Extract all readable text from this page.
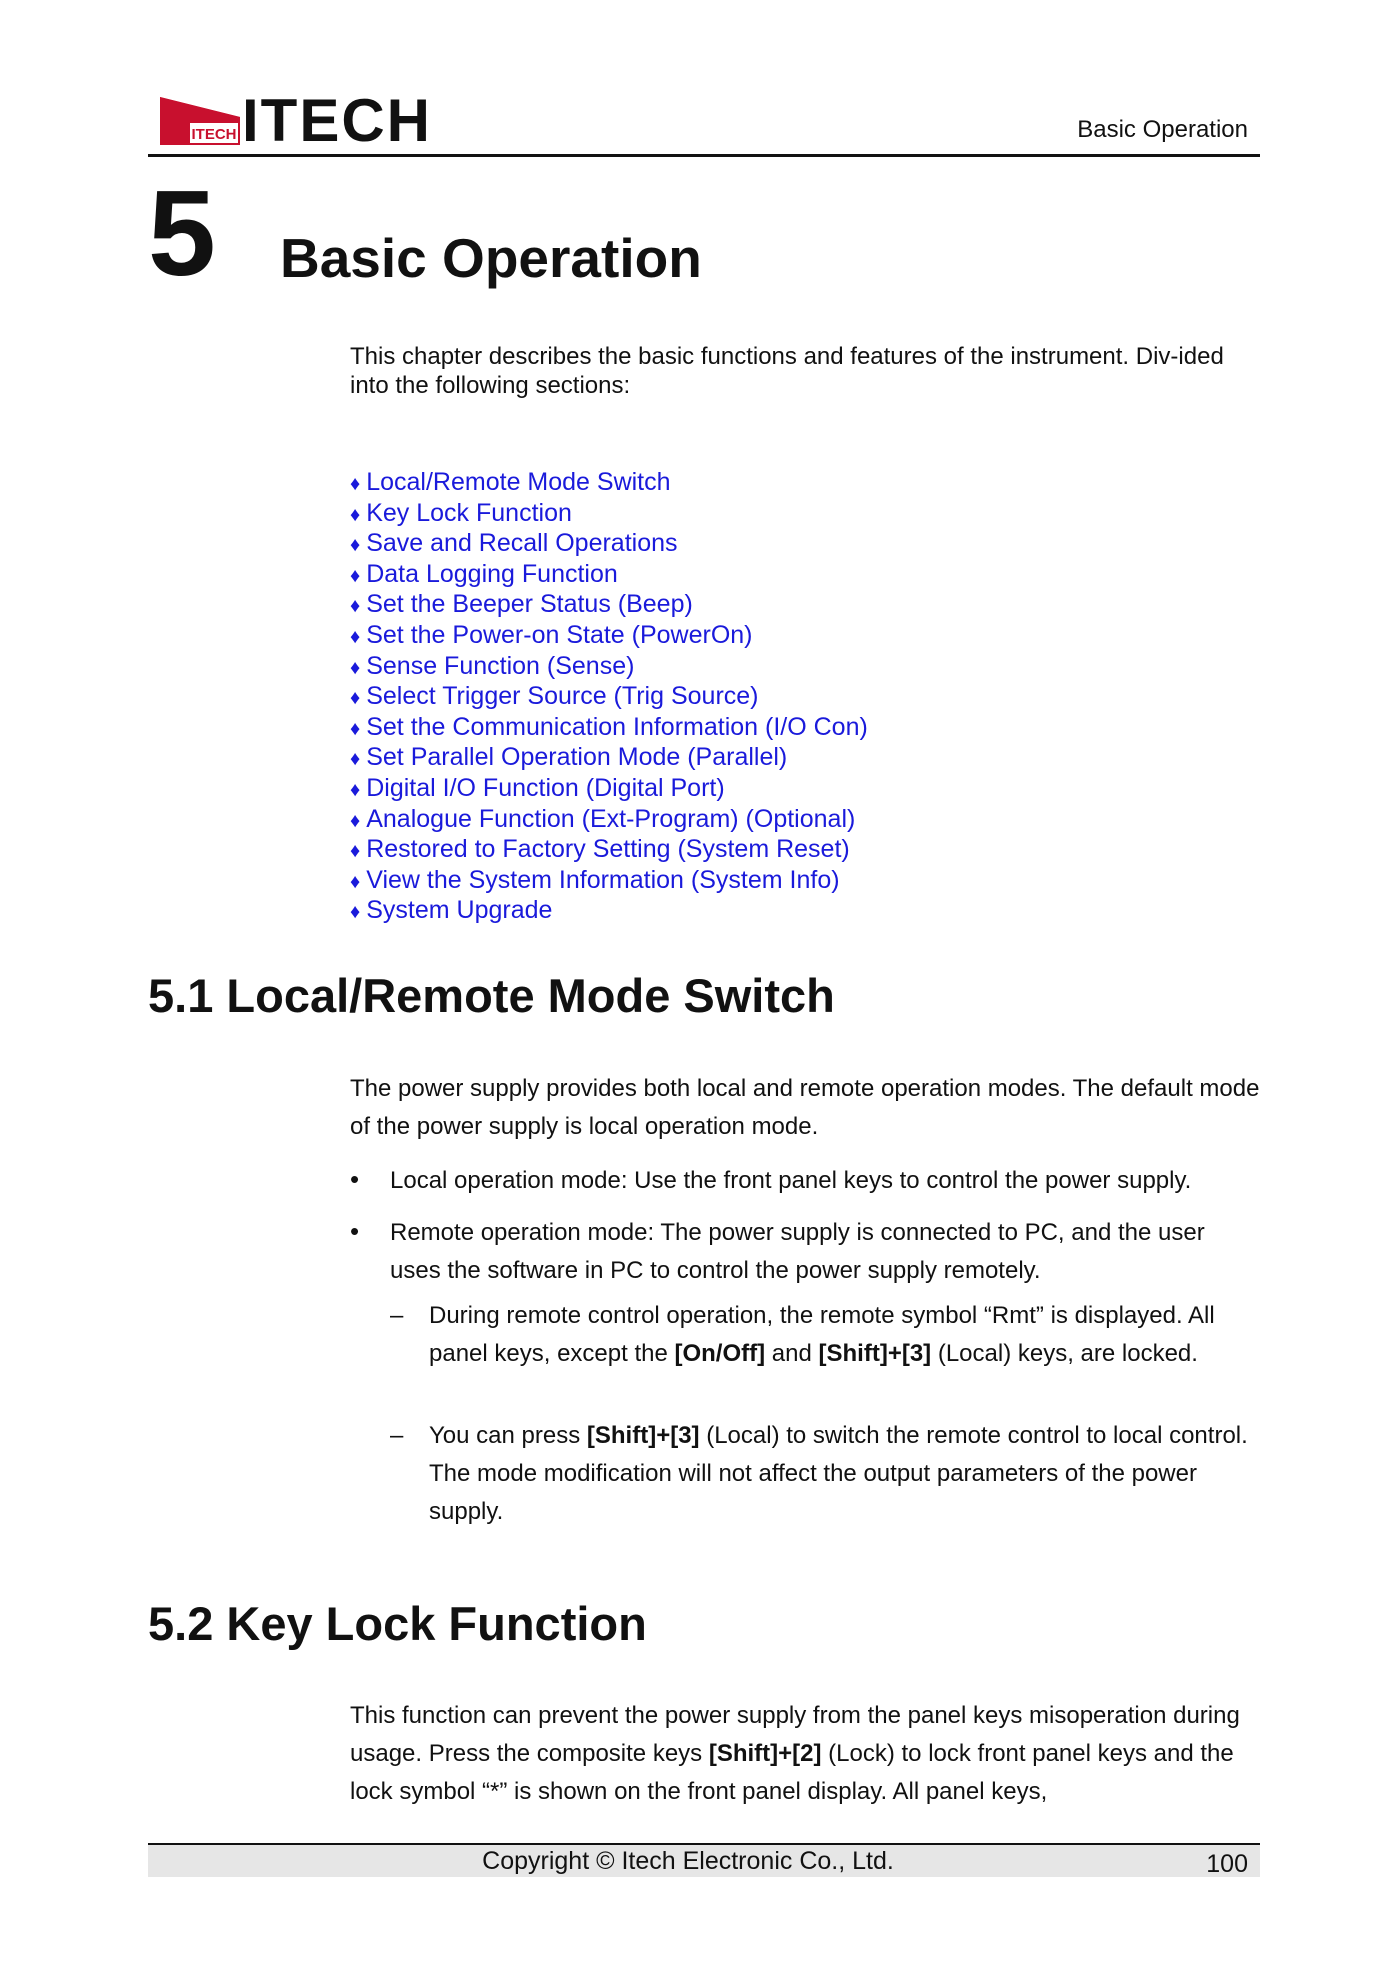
ITECH ITECH	Basic Operation
5 Basic Operation
This chapter describes the basic functions and features of the instrument. Div-ided into the following sections:
♦ Local/Remote Mode Switch
♦ Key Lock Function
♦ Save and Recall Operations
♦ Data Logging Function
♦ Set the Beeper Status (Beep)
♦ Set the Power-on State (PowerOn)
♦ Sense Function (Sense)
♦ Select Trigger Source (Trig Source)
♦ Set the Communication Information (I/O Con)
♦ Set Parallel Operation Mode (Parallel)
♦ Digital I/O Function (Digital Port)
♦ Analogue Function (Ext-Program) (Optional)
♦ Restored to Factory Setting (System Reset)
♦ View the System Information (System Info)
♦ System Upgrade
5.1 Local/Remote Mode Switch
The power supply provides both local and remote operation modes. The default mode of the power supply is local operation mode.
• Local operation mode: Use the front panel keys to control the power supply.
• Remote operation mode: The power supply is connected to PC, and the user uses the software in PC to control the power supply remotely.
– During remote control operation, the remote symbol “Rmt” is displayed. All panel keys, except the [On/Off] and [Shift]+[3] (Local) keys, are locked.
– You can press [Shift]+[3] (Local) to switch the remote control to local control. The mode modification will not affect the output parameters of the power supply.
5.2 Key Lock Function
This function can prevent the power supply from the panel keys misoperation during usage. Press the composite keys [Shift]+[2] (Lock) to lock front panel keys and the lock symbol “*” is shown on the front panel display. All panel keys,
Copyright © Itech Electronic Co., Ltd.	100
